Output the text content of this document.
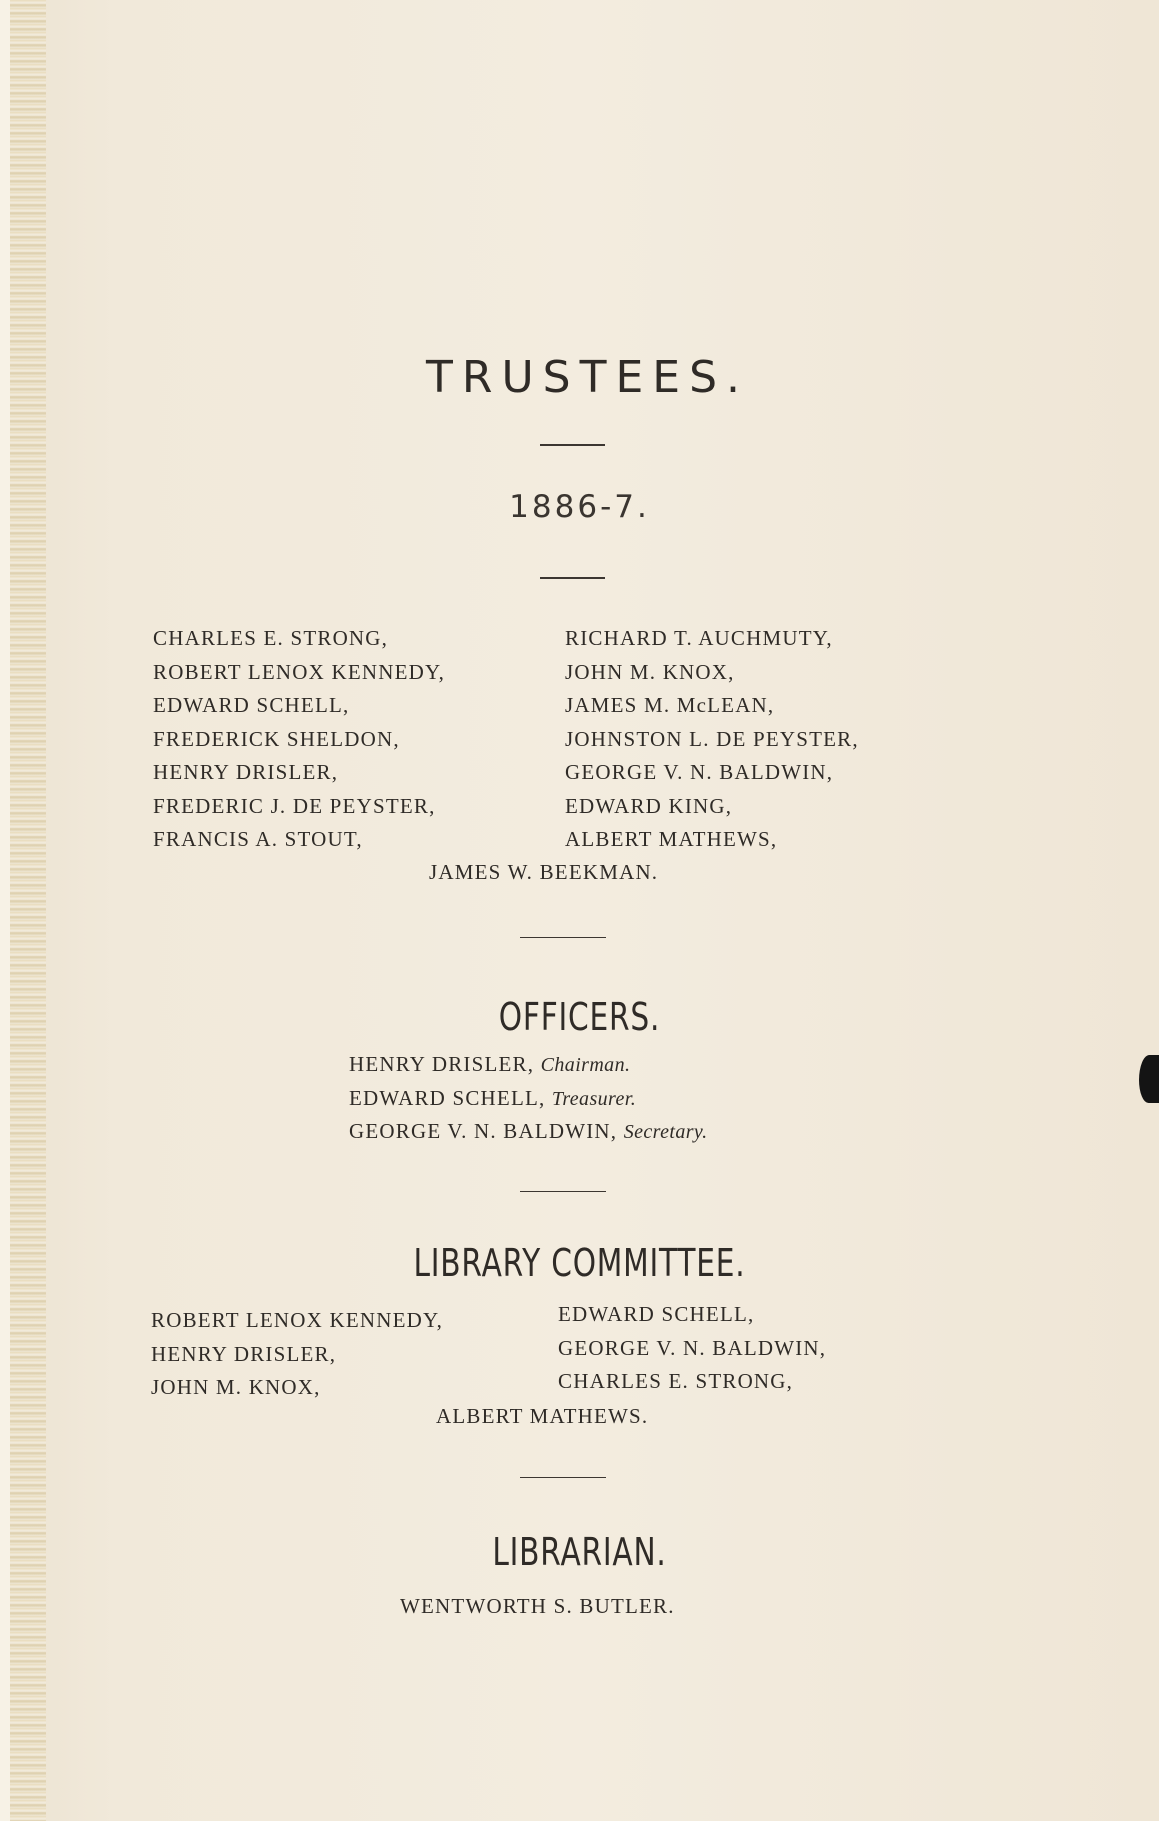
TRUSTEES.
1886-7.
CHARLES E. STRONG,
ROBERT LENOX KENNEDY,
EDWARD SCHELL,
FREDERICK SHELDON,
HENRY DRISLER,
FREDERIC J. DE PEYSTER,
FRANCIS A. STOUT,
RICHARD T. AUCHMUTY,
JOHN M. KNOX,
JAMES M. McLEAN,
JOHNSTON L. DE PEYSTER,
GEORGE V. N. BALDWIN,
EDWARD KING,
ALBERT MATHEWS,
JAMES W. BEEKMAN.
OFFICERS.
HENRY DRISLER, Chairman.
EDWARD SCHELL, Treasurer.
GEORGE V. N. BALDWIN, Secretary.
LIBRARY COMMITTEE.
ROBERT LENOX KENNEDY,
HENRY DRISLER,
JOHN M. KNOX,
EDWARD SCHELL,
GEORGE V. N. BALDWIN,
CHARLES E. STRONG,
ALBERT MATHEWS.
LIBRARIAN.
WENTWORTH S. BUTLER.
